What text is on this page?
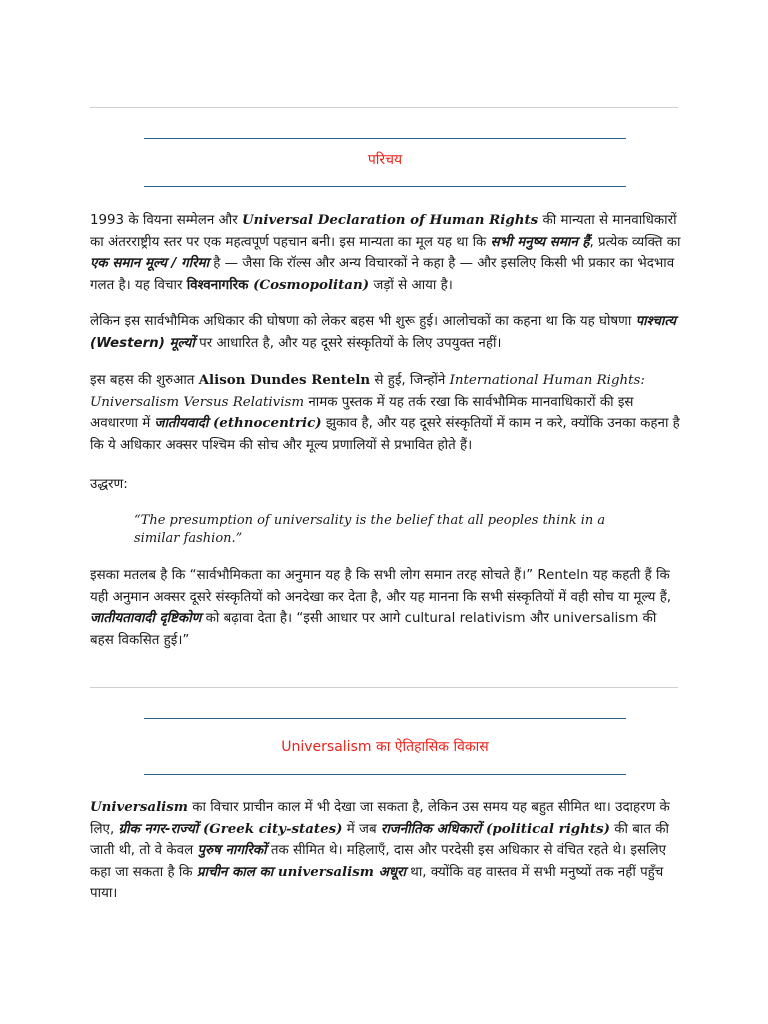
परिचय

1993 के वियना सम्मेलन और Universal Declaration of Human Rights की मान्यता से मानवाधिकारों का अंतरराष्ट्रीय स्तर पर एक महत्वपूर्ण पहचान बनी। इस मान्यता का मूल यह था कि सभी मनुष्य समान हैं, प्रत्येक व्यक्ति का एक समान मूल्य / गरिमा है — जैसा कि रॉल्स और अन्य विचारकों ने कहा है — और इसलिए किसी भी प्रकार का भेदभाव गलत है। यह विचार विश्वनागरिक (Cosmopolitan) जड़ों से आया है।

लेकिन इस सार्वभौमिक अधिकार की घोषणा को लेकर बहस भी शुरू हुई। आलोचकों का कहना था कि यह घोषणा पाश्चात्य (Western) मूल्यों पर आधारित है, और यह दूसरे संस्कृतियों के लिए उपयुक्त नहीं।

इस बहस की शुरुआत Alison Dundes Renteln से हुई, जिन्होंने International Human Rights: Universalism Versus Relativism नामक पुस्तक में यह तर्क रखा कि सार्वभौमिक मानवाधिकारों की इस अवधारणा में जातीयवादी (ethnocentric) झुकाव है, और यह दूसरे संस्कृतियों में काम न करे, क्योंकि उनका कहना है कि ये अधिकार अक्सर पश्चिम की सोच और मूल्य प्रणालियों से प्रभावित होते हैं।

उद्धरण:

“The presumption of universality is the belief that all peoples think in a similar fashion.”

इसका मतलब है कि “सार्वभौमिकता का अनुमान यह है कि सभी लोग समान तरह सोचते हैं।” Renteln यह कहती हैं कि यही अनुमान अक्सर दूसरे संस्कृतियों को अनदेखा कर देता है, और यह मानना कि सभी संस्कृतियों में वही सोच या मूल्य हैं, जातीयतावादी दृष्टिकोण को बढ़ावा देता है। “इसी आधार पर आगे cultural relativism और universalism की बहस विकसित हुई।”

Universalism का ऐतिहासिक विकास

Universalism का विचार प्राचीन काल में भी देखा जा सकता है, लेकिन उस समय यह बहुत सीमित था। उदाहरण के लिए, ग्रीक नगर-राज्यों (Greek city-states) में जब राजनीतिक अधिकारों (political rights) की बात की जाती थी, तो वे केवल पुरुष नागरिकों तक सीमित थे। महिलाएँ, दास और परदेसी इस अधिकार से वंचित रहते थे। इसलिए कहा जा सकता है कि प्राचीन काल का universalism अधूरा था, क्योंकि वह वास्तव में सभी मनुष्यों तक नहीं पहुँच पाया।
